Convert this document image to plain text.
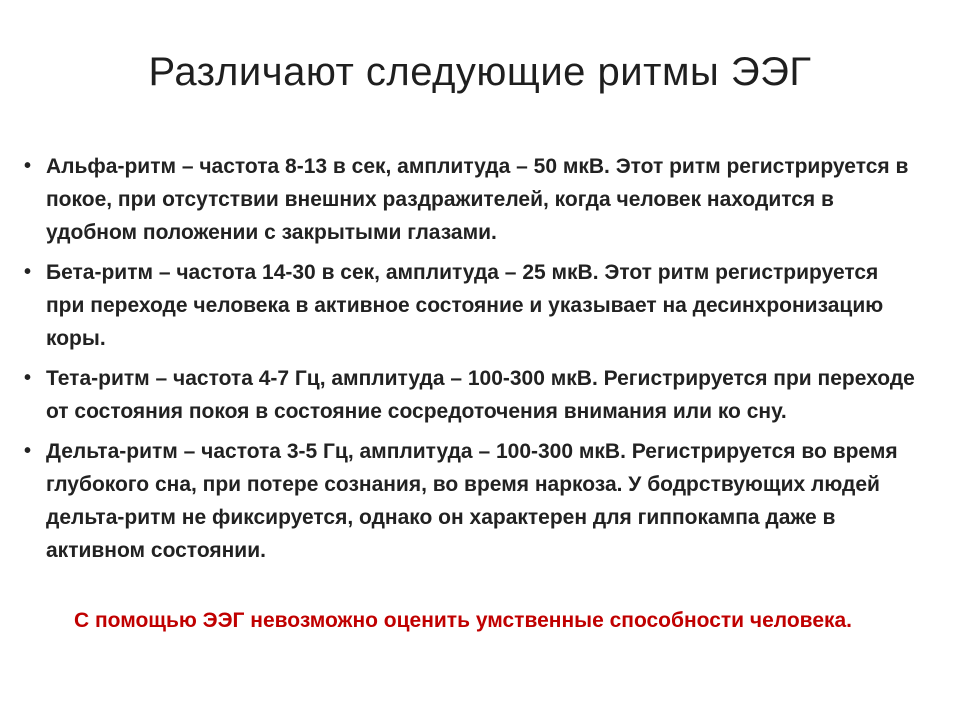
Различают следующие ритмы ЭЭГ
• Альфа-ритм – частота 8-13 в сек, амплитуда – 50 мкВ. Этот ритм регистрируется в покое, при отсутствии внешних раздражителей, когда человек находится в удобном положении с закрытыми глазами.
• Бета-ритм – частота 14-30 в сек, амплитуда – 25 мкВ. Этот ритм регистрируется при переходе человека в активное состояние и указывает на десинхронизацию коры.
• Тета-ритм – частота 4-7 Гц, амплитуда – 100-300 мкВ. Регистрируется при переходе от состояния покоя в состояние сосредоточения внимания или ко сну.
• Дельта-ритм – частота 3-5 Гц, амплитуда – 100-300 мкВ. Регистрируется во время глубокого сна, при потере сознания, во время наркоза. У бодрствующих людей дельта-ритм не фиксируется, однако он характерен для гиппокампа даже в активном состоянии.
С помощью ЭЭГ невозможно оценить умственные способности человека.
